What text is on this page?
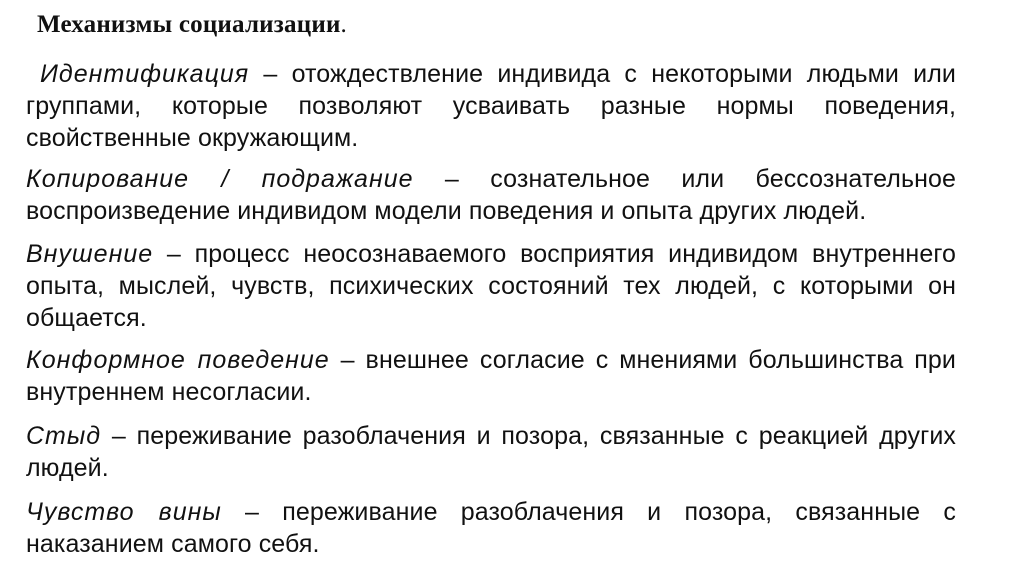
Механизмы социализации.

Идентификация – отождествление индивида с некоторыми людьми или группами, которые позволяют усваивать разные нормы поведения, свойственные окружающим.

Копирование / подражание – сознательное или бессознательное воспроизведение индивидом модели поведения и опыта других людей.

Внушение – процесс неосознаваемого восприятия индивидом внутреннего опыта, мыслей, чувств, психических состояний тех людей, с которыми он общается.

Конформное поведение – внешнее согласие с мнениями большинства при внутреннем несогласии.

Стыд – переживание разоблачения и позора, связанные с реакцией других людей.

Чувство вины – переживание разоблачения и позора, связанные с наказанием самого себя.
